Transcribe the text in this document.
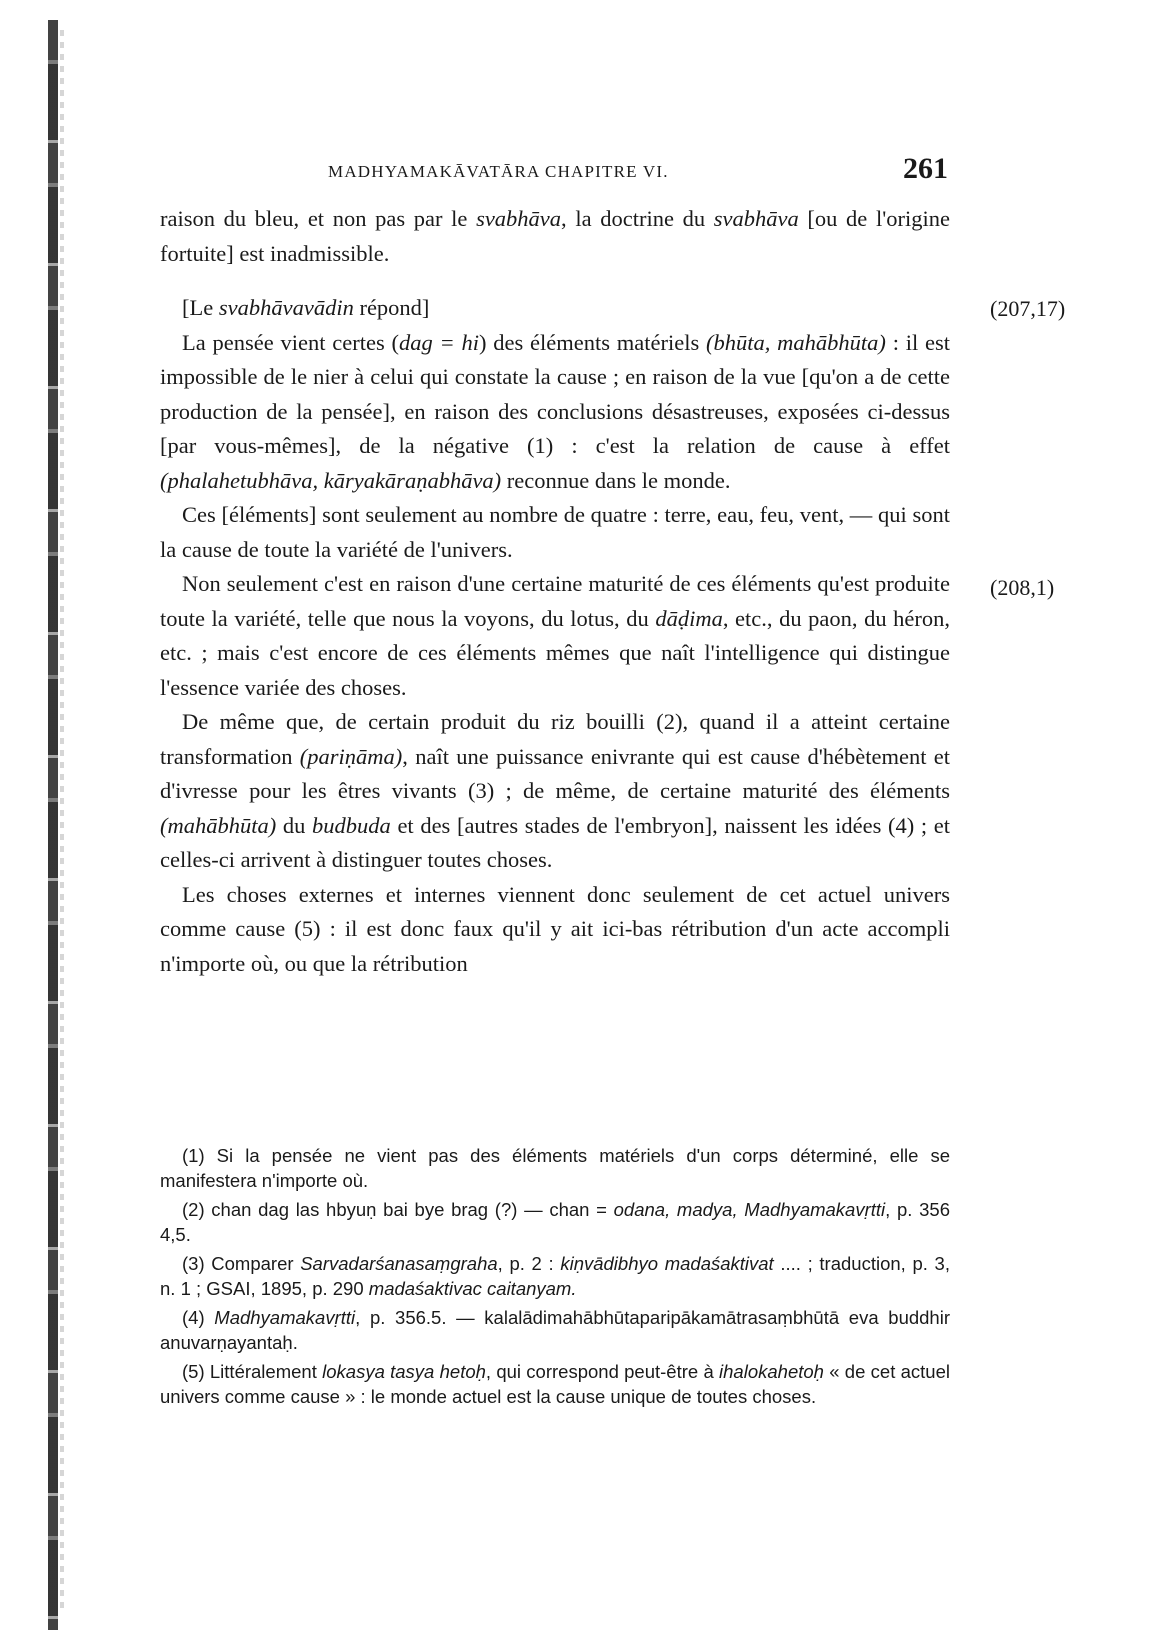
MADHYAMAKĀVATĀRA CHAPITRE VI.	261
(207,17)
(208,1)

raison du bleu, et non pas par le svabhāva, la doctrine du svabhāva [ou de l'origine fortuite] est inadmissible.

[Le svabhāvavādin répond]

La pensée vient certes (dag = hi) des éléments matériels (bhūta, mahābhūta) : il est impossible de le nier à celui qui constate la cause ; en raison de la vue [qu'on a de cette production de la pensée], en raison des conclusions désastreuses, exposées ci-dessus [par vous-mêmes], de la négative (1) : c'est la relation de cause à effet (phalahetubhāva, kāryakāraṇabhāva) reconnue dans le monde.

Ces [éléments] sont seulement au nombre de quatre : terre, eau, feu, vent, — qui sont la cause de toute la variété de l'univers.

Non seulement c'est en raison d'une certaine maturité de ces éléments qu'est produite toute la variété, telle que nous la voyons, du lotus, du dāḍima, etc., du paon, du héron, etc. ; mais c'est encore de ces éléments mêmes que naît l'intelligence qui distingue l'essence variée des choses.

De même que, de certain produit du riz bouilli (2), quand il a atteint certaine transformation (pariṇāma), naît une puissance enivrante qui est cause d'hébètement et d'ivresse pour les êtres vivants (3) ; de même, de certaine maturité des éléments (mahābhūta) du budbuda et des [autres stades de l'embryon], naissent les idées (4) ; et celles-ci arrivent à distinguer toutes choses.

Les choses externes et internes viennent donc seulement de cet actuel univers comme cause (5) : il est donc faux qu'il y ait ici-bas rétribution d'un acte accompli n'importe où, ou que la rétribution

(1) Si la pensée ne vient pas des éléments matériels d'un corps déterminé, elle se manifestera n'importe où.

(2) chan dag las hbyuṇ bai bye brag (?) — chan = odana, madya, Madhyamakavṛtti, p. 356 4,5.

(3) Comparer Sarvadarśanasaṃgraha, p. 2 : kiṇvādibhyo madaśaktivat .... ; traduction, p. 3, n. 1 ; GSAI, 1895, p. 290 madaśaktivac caitanyam.

(4) Madhyamakavṛtti, p. 356.5. — kalalādimahābhūtaparipākamātrasaṃbhūtā eva buddhir anuvarṇayantaḥ.

(5) Littéralement lokasya tasya hetoḥ, qui correspond peut-être à ihalokahetoḥ « de cet actuel univers comme cause » : le monde actuel est la cause unique de toutes choses.
